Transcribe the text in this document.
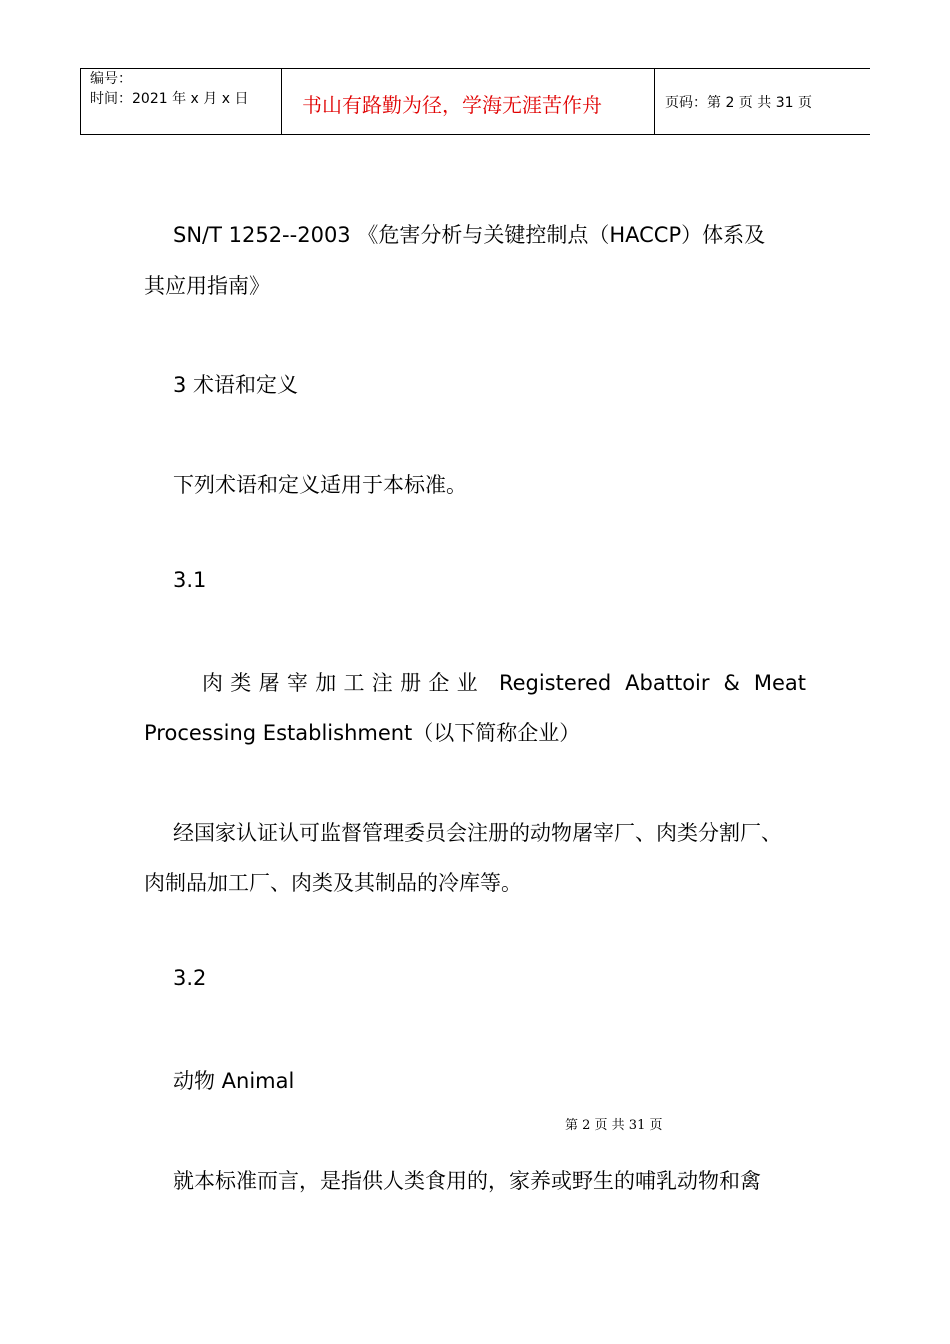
编号：
时间：2021 年 x 月 x 日	书山有路勤为径，学海无涯苦作舟	页码：第 2 页 共 31 页
SN/T 1252--2003 《危害分析与关键控制点（HACCP）体系及
其应用指南》
3 术语和定义
下列术语和定义适用于本标准。
3.1
肉类屠宰加工注册企业 Registered Abattoir & Meat
Processing Establishment（以下简称企业）
经国家认证认可监督管理委员会注册的动物屠宰厂、肉类分割厂、
肉制品加工厂、肉类及其制品的冷库等。
3.2
动物 Animal
第 2 页 共 31 页
就本标准而言，是指供人类食用的，家养或野生的哺乳动物和禽
